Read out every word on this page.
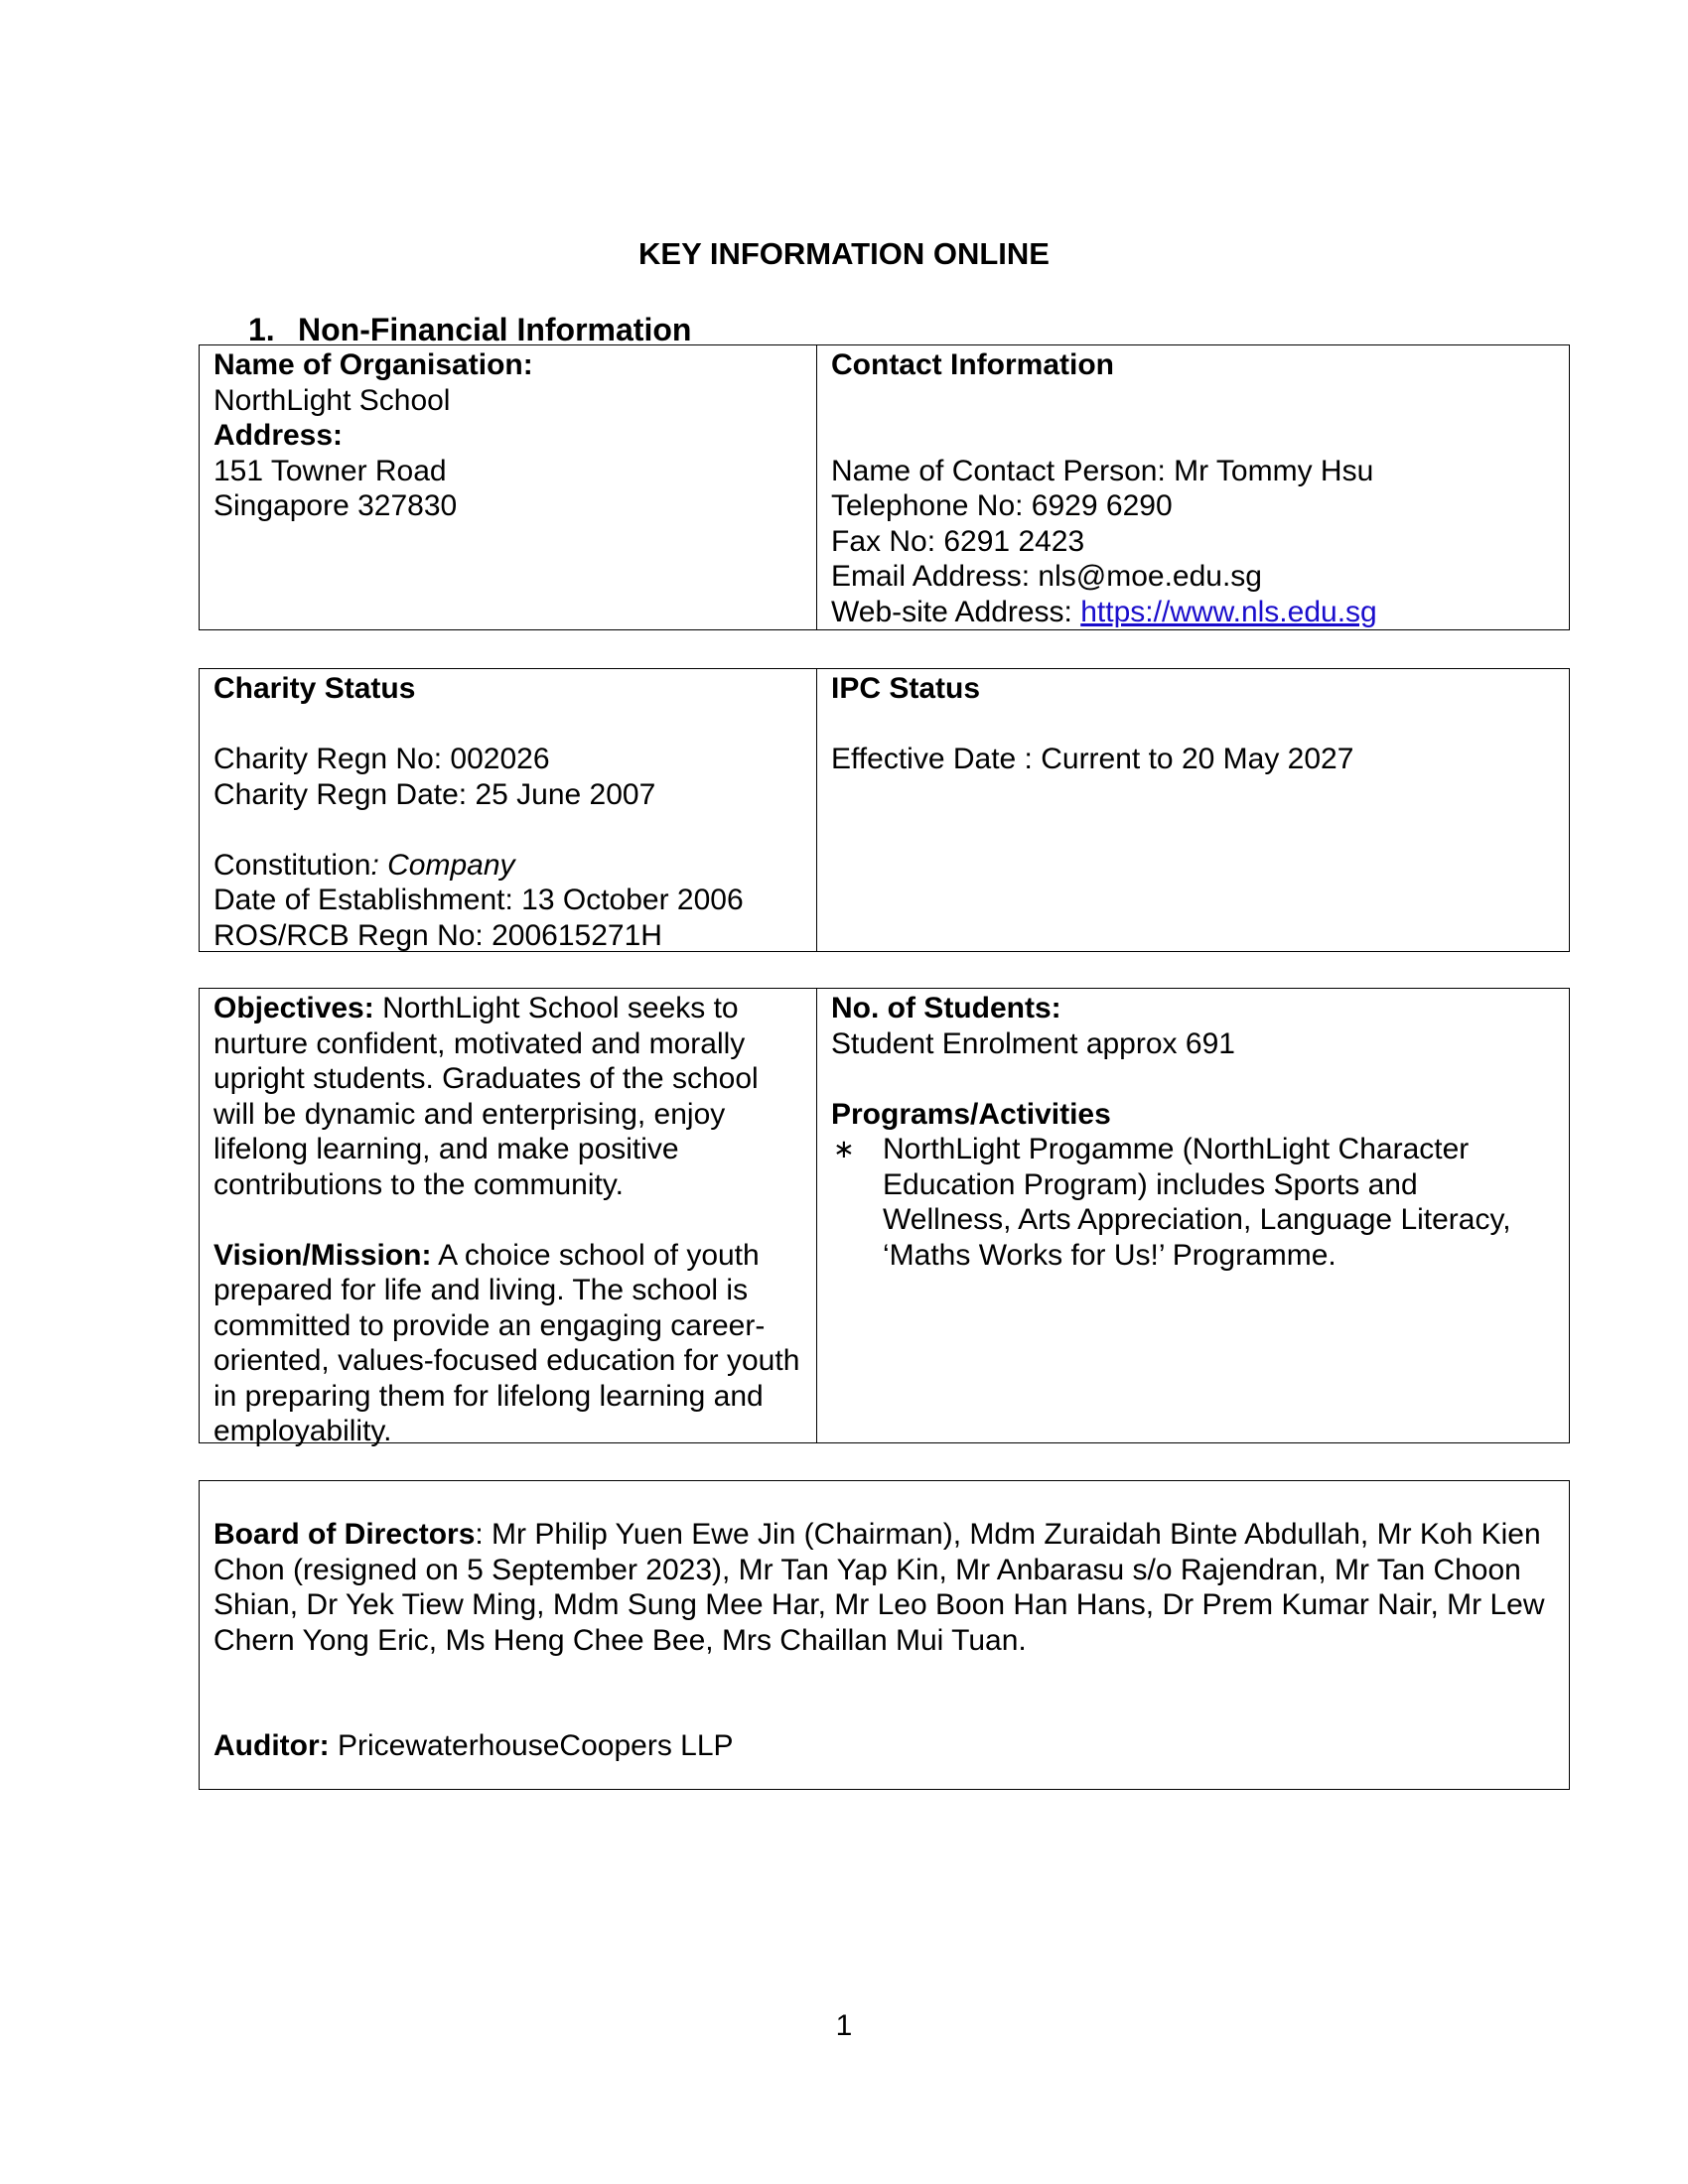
KEY INFORMATION ONLINE
1. Non-Financial Information
Name of Organisation:
NorthLight School
Address:
151 Towner Road
Singapore 327830
Contact Information
Name of Contact Person: Mr Tommy Hsu
Telephone No: 6929 6290
Fax No: 6291 2423
Email Address: nls@moe.edu.sg
Web-site Address: https://www.nls.edu.sg
Charity Status
Charity Regn No: 002026
Charity Regn Date: 25 June 2007
Constitution: Company
Date of Establishment: 13 October 2006
ROS/RCB Regn No: 200615271H
IPC Status
Effective Date : Current to 20 May 2027
Objectives: NorthLight School seeks to nurture confident, motivated and morally upright students. Graduates of the school will be dynamic and enterprising, enjoy lifelong learning, and make positive contributions to the community.
Vision/Mission: A choice school of youth prepared for life and living. The school is committed to provide an engaging career-oriented, values-focused education for youth in preparing them for lifelong learning and employability.
No. of Students:
Student Enrolment approx 691
Programs/Activities
∗ NorthLight Progamme (NorthLight Character Education Program) includes Sports and Wellness, Arts Appreciation, Language Literacy, ‘Maths Works for Us!’ Programme.
Board of Directors: Mr Philip Yuen Ewe Jin (Chairman), Mdm Zuraidah Binte Abdullah, Mr Koh Kien Chon (resigned on 5 September 2023), Mr Tan Yap Kin, Mr Anbarasu s/o Rajendran, Mr Tan Choon Shian, Dr Yek Tiew Ming, Mdm Sung Mee Har, Mr Leo Boon Han Hans, Dr Prem Kumar Nair, Mr Lew Chern Yong Eric, Ms Heng Chee Bee, Mrs Chaillan Mui Tuan.
Auditor: PricewaterhouseCoopers LLP
1
